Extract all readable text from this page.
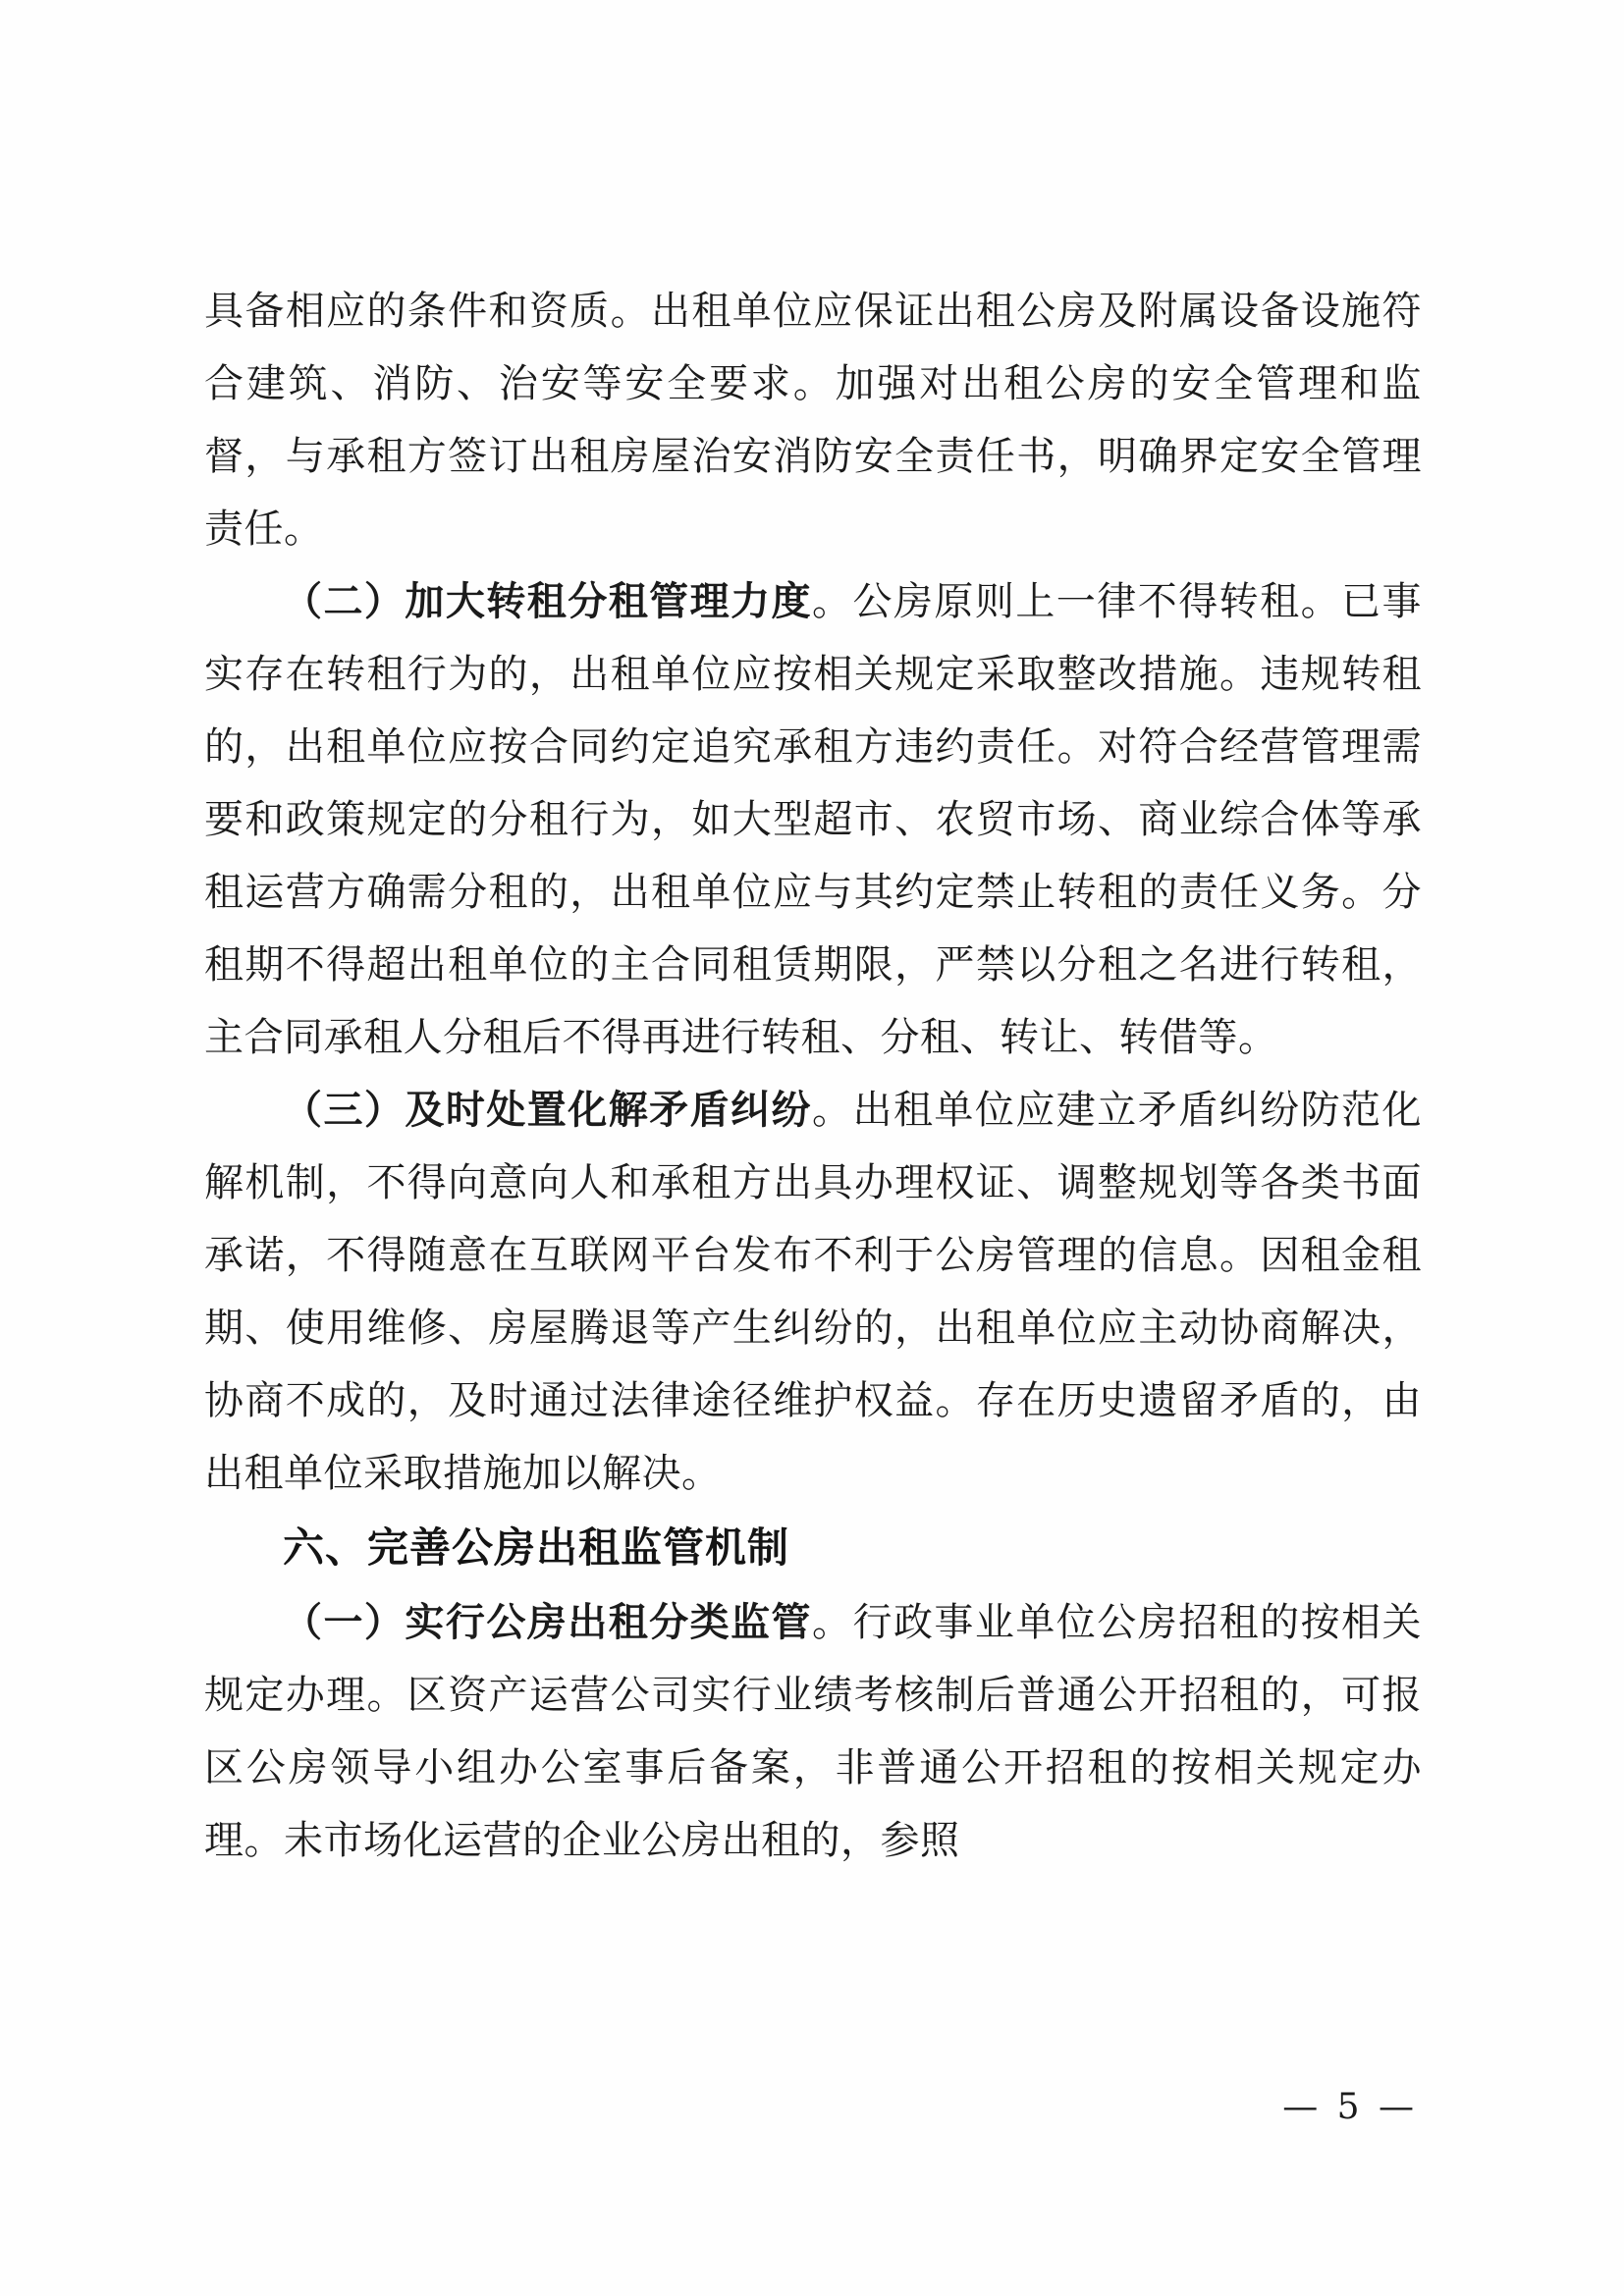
具备相应的条件和资质。出租单位应保证出租公房及附属设备设施符合建筑、消防、治安等安全要求。加强对出租公房的安全管理和监督，与承租方签订出租房屋治安消防安全责任书，明确界定安全管理责任。

（二）加大转租分租管理力度。公房原则上一律不得转租。已事实存在转租行为的，出租单位应按相关规定采取整改措施。违规转租的，出租单位应按合同约定追究承租方违约责任。对符合经营管理需要和政策规定的分租行为，如大型超市、农贸市场、商业综合体等承租运营方确需分租的，出租单位应与其约定禁止转租的责任义务。分租期不得超出租单位的主合同租赁期限，严禁以分租之名进行转租，主合同承租人分租后不得再进行转租、分租、转让、转借等。

（三）及时处置化解矛盾纠纷。出租单位应建立矛盾纠纷防范化解机制，不得向意向人和承租方出具办理权证、调整规划等各类书面承诺，不得随意在互联网平台发布不利于公房管理的信息。因租金租期、使用维修、房屋腾退等产生纠纷的，出租单位应主动协商解决，协商不成的，及时通过法律途径维护权益。存在历史遗留矛盾的，由出租单位采取措施加以解决。

六、完善公房出租监管机制

（一）实行公房出租分类监管。行政事业单位公房招租的按相关规定办理。区资产运营公司实行业绩考核制后普通公开招租的，可报区公房领导小组办公室事后备案，非普通公开招租的按相关规定办理。未市场化运营的企业公房出租的，参照

— 5 —
